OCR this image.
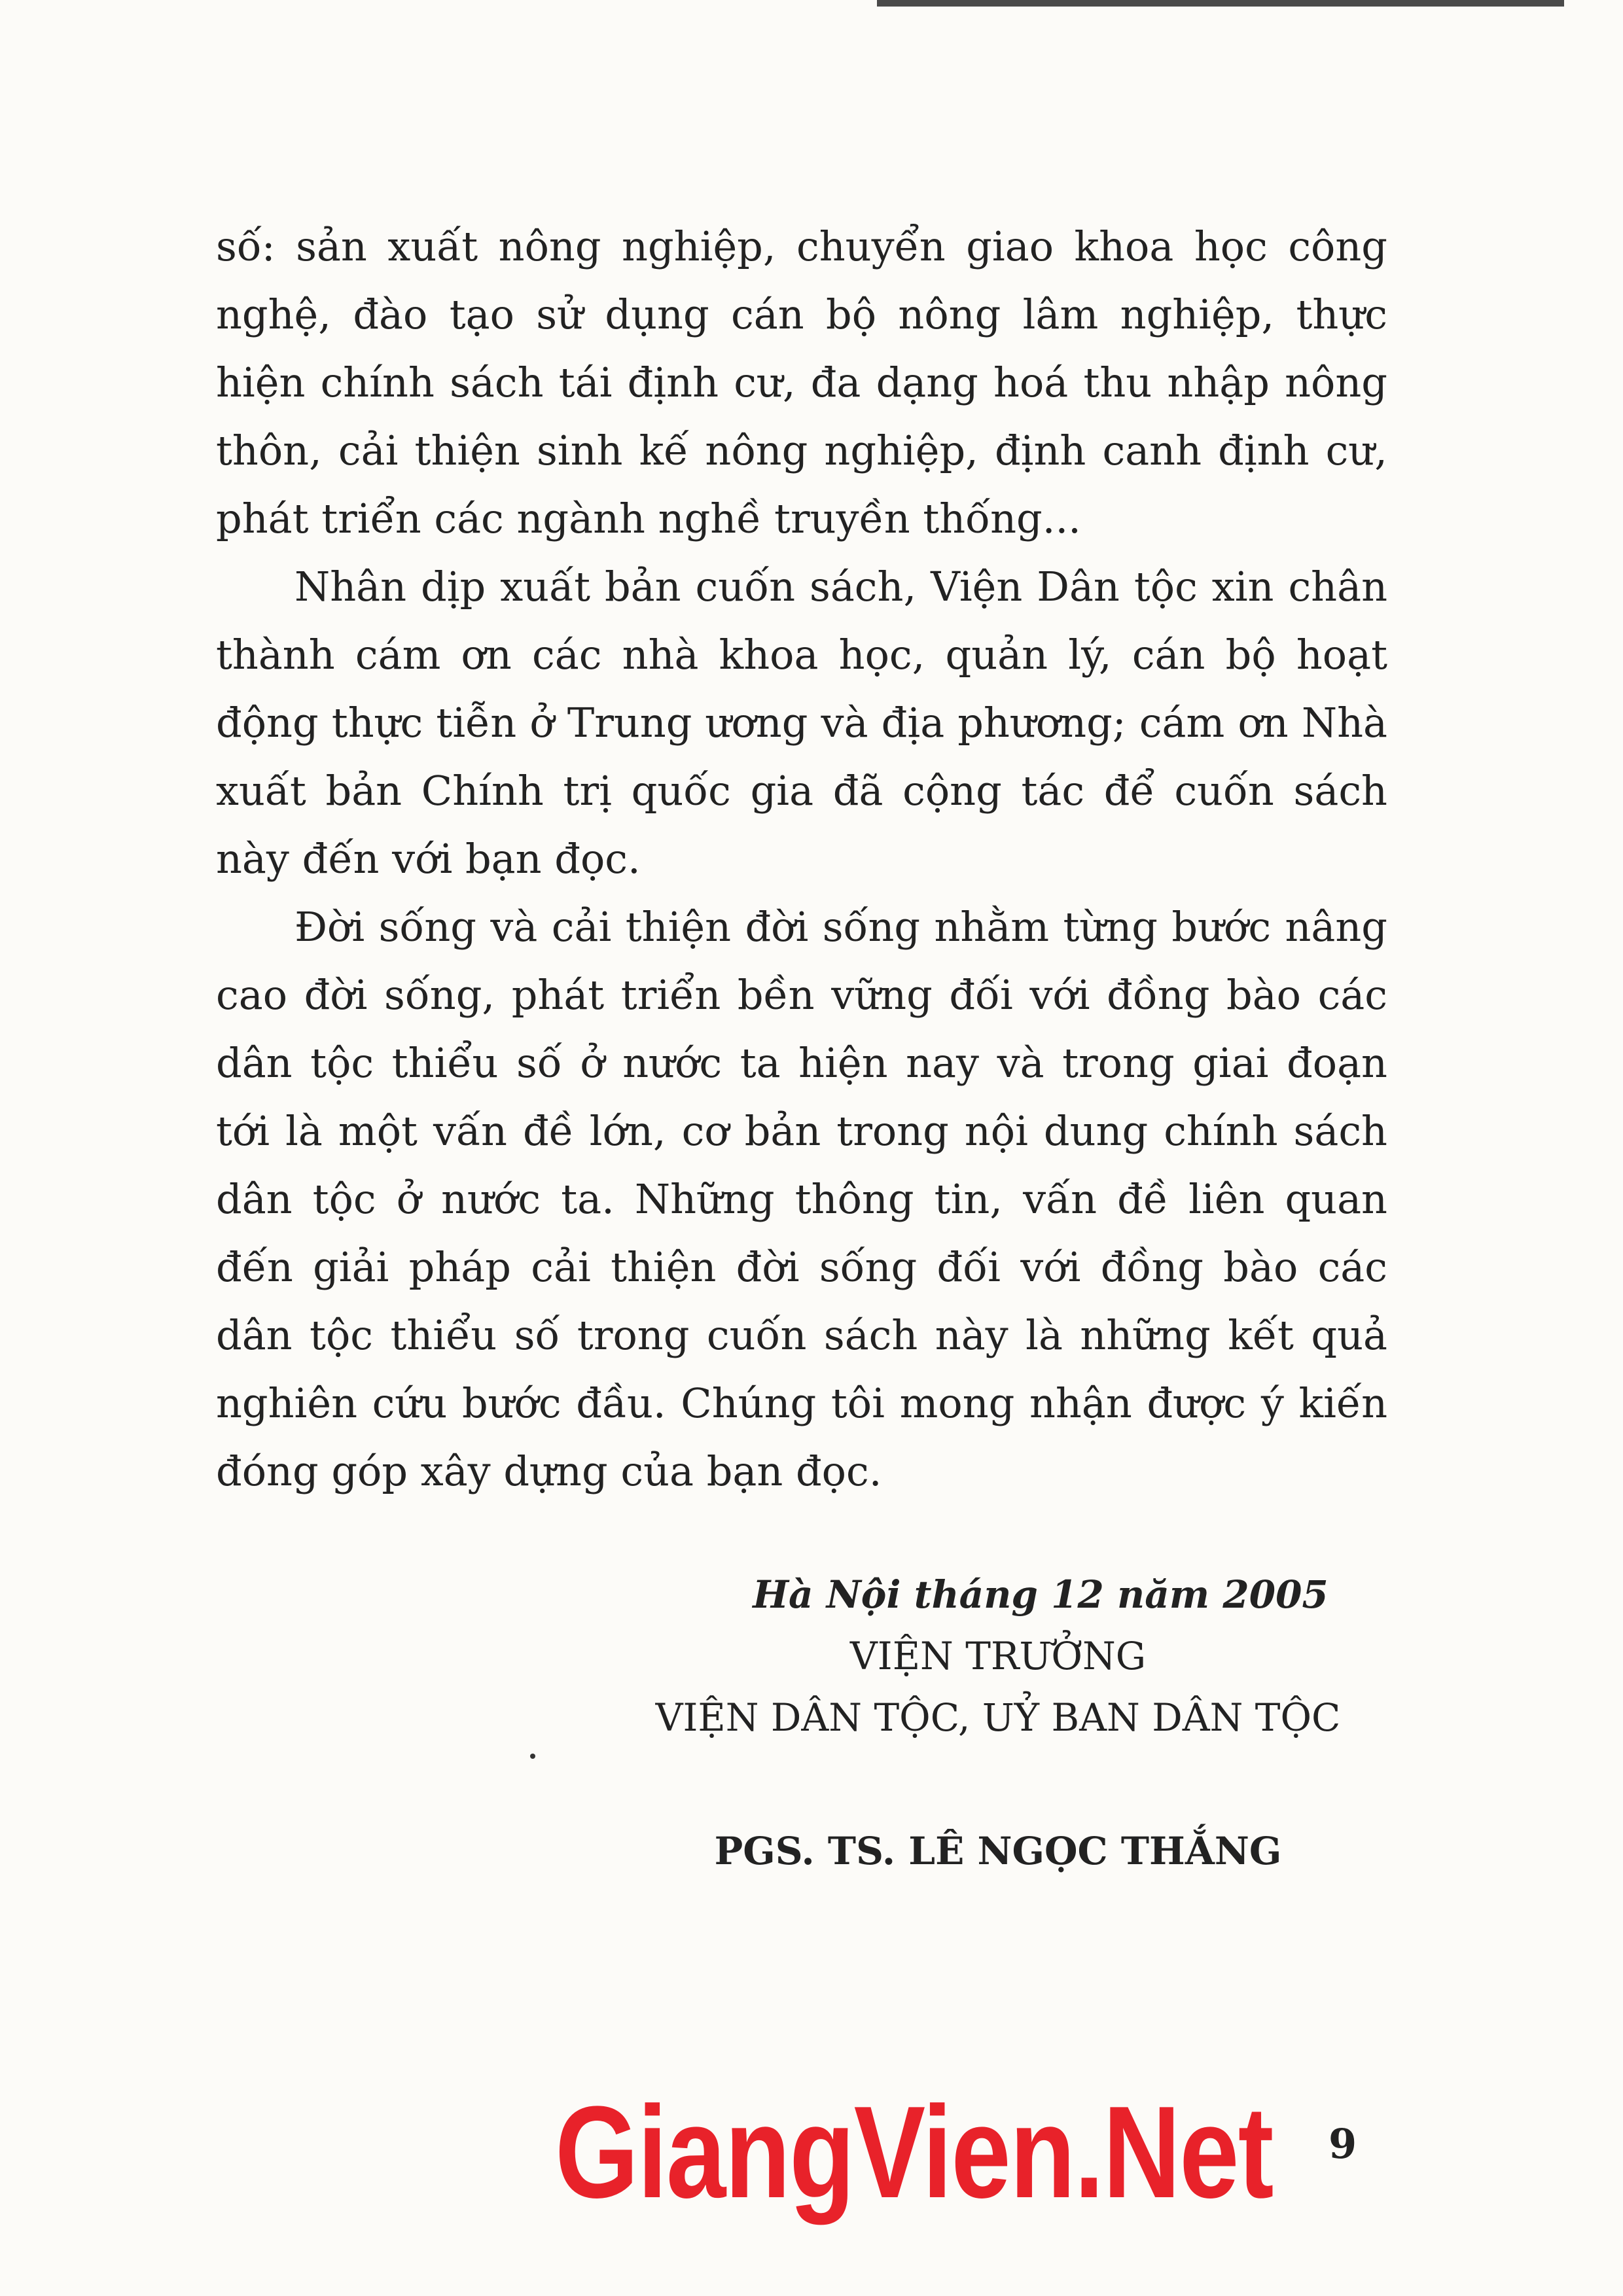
số: sản xuất nông nghiệp, chuyển giao khoa học công nghệ, đào tạo sử dụng cán bộ nông lâm nghiệp, thực hiện chính sách tái định cư, đa dạng hoá thu nhập nông thôn, cải thiện sinh kế nông nghiệp, định canh định cư, phát triển các ngành nghề truyền thống...

Nhân dịp xuất bản cuốn sách, Viện Dân tộc xin chân thành cám ơn các nhà khoa học, quản lý, cán bộ hoạt động thực tiễn ở Trung ương và địa phương; cám ơn Nhà xuất bản Chính trị quốc gia đã cộng tác để cuốn sách này đến với bạn đọc.

Đời sống và cải thiện đời sống nhằm từng bước nâng cao đời sống, phát triển bền vững đối với đồng bào các dân tộc thiểu số ở nước ta hiện nay và trong giai đoạn tới là một vấn đề lớn, cơ bản trong nội dung chính sách dân tộc ở nước ta. Những thông tin, vấn đề liên quan đến giải pháp cải thiện đời sống đối với đồng bào các dân tộc thiểu số trong cuốn sách này là những kết quả nghiên cứu bước đầu. Chúng tôi mong nhận được ý kiến đóng góp xây dựng của bạn đọc.

Hà Nội tháng 12 năm 2005
VIỆN TRƯỞNG
VIỆN DÂN TỘC, UỶ BAN DÂN TỘC
PGS. TS. LÊ NGỌC THẮNG
GiangVien.Net 9
